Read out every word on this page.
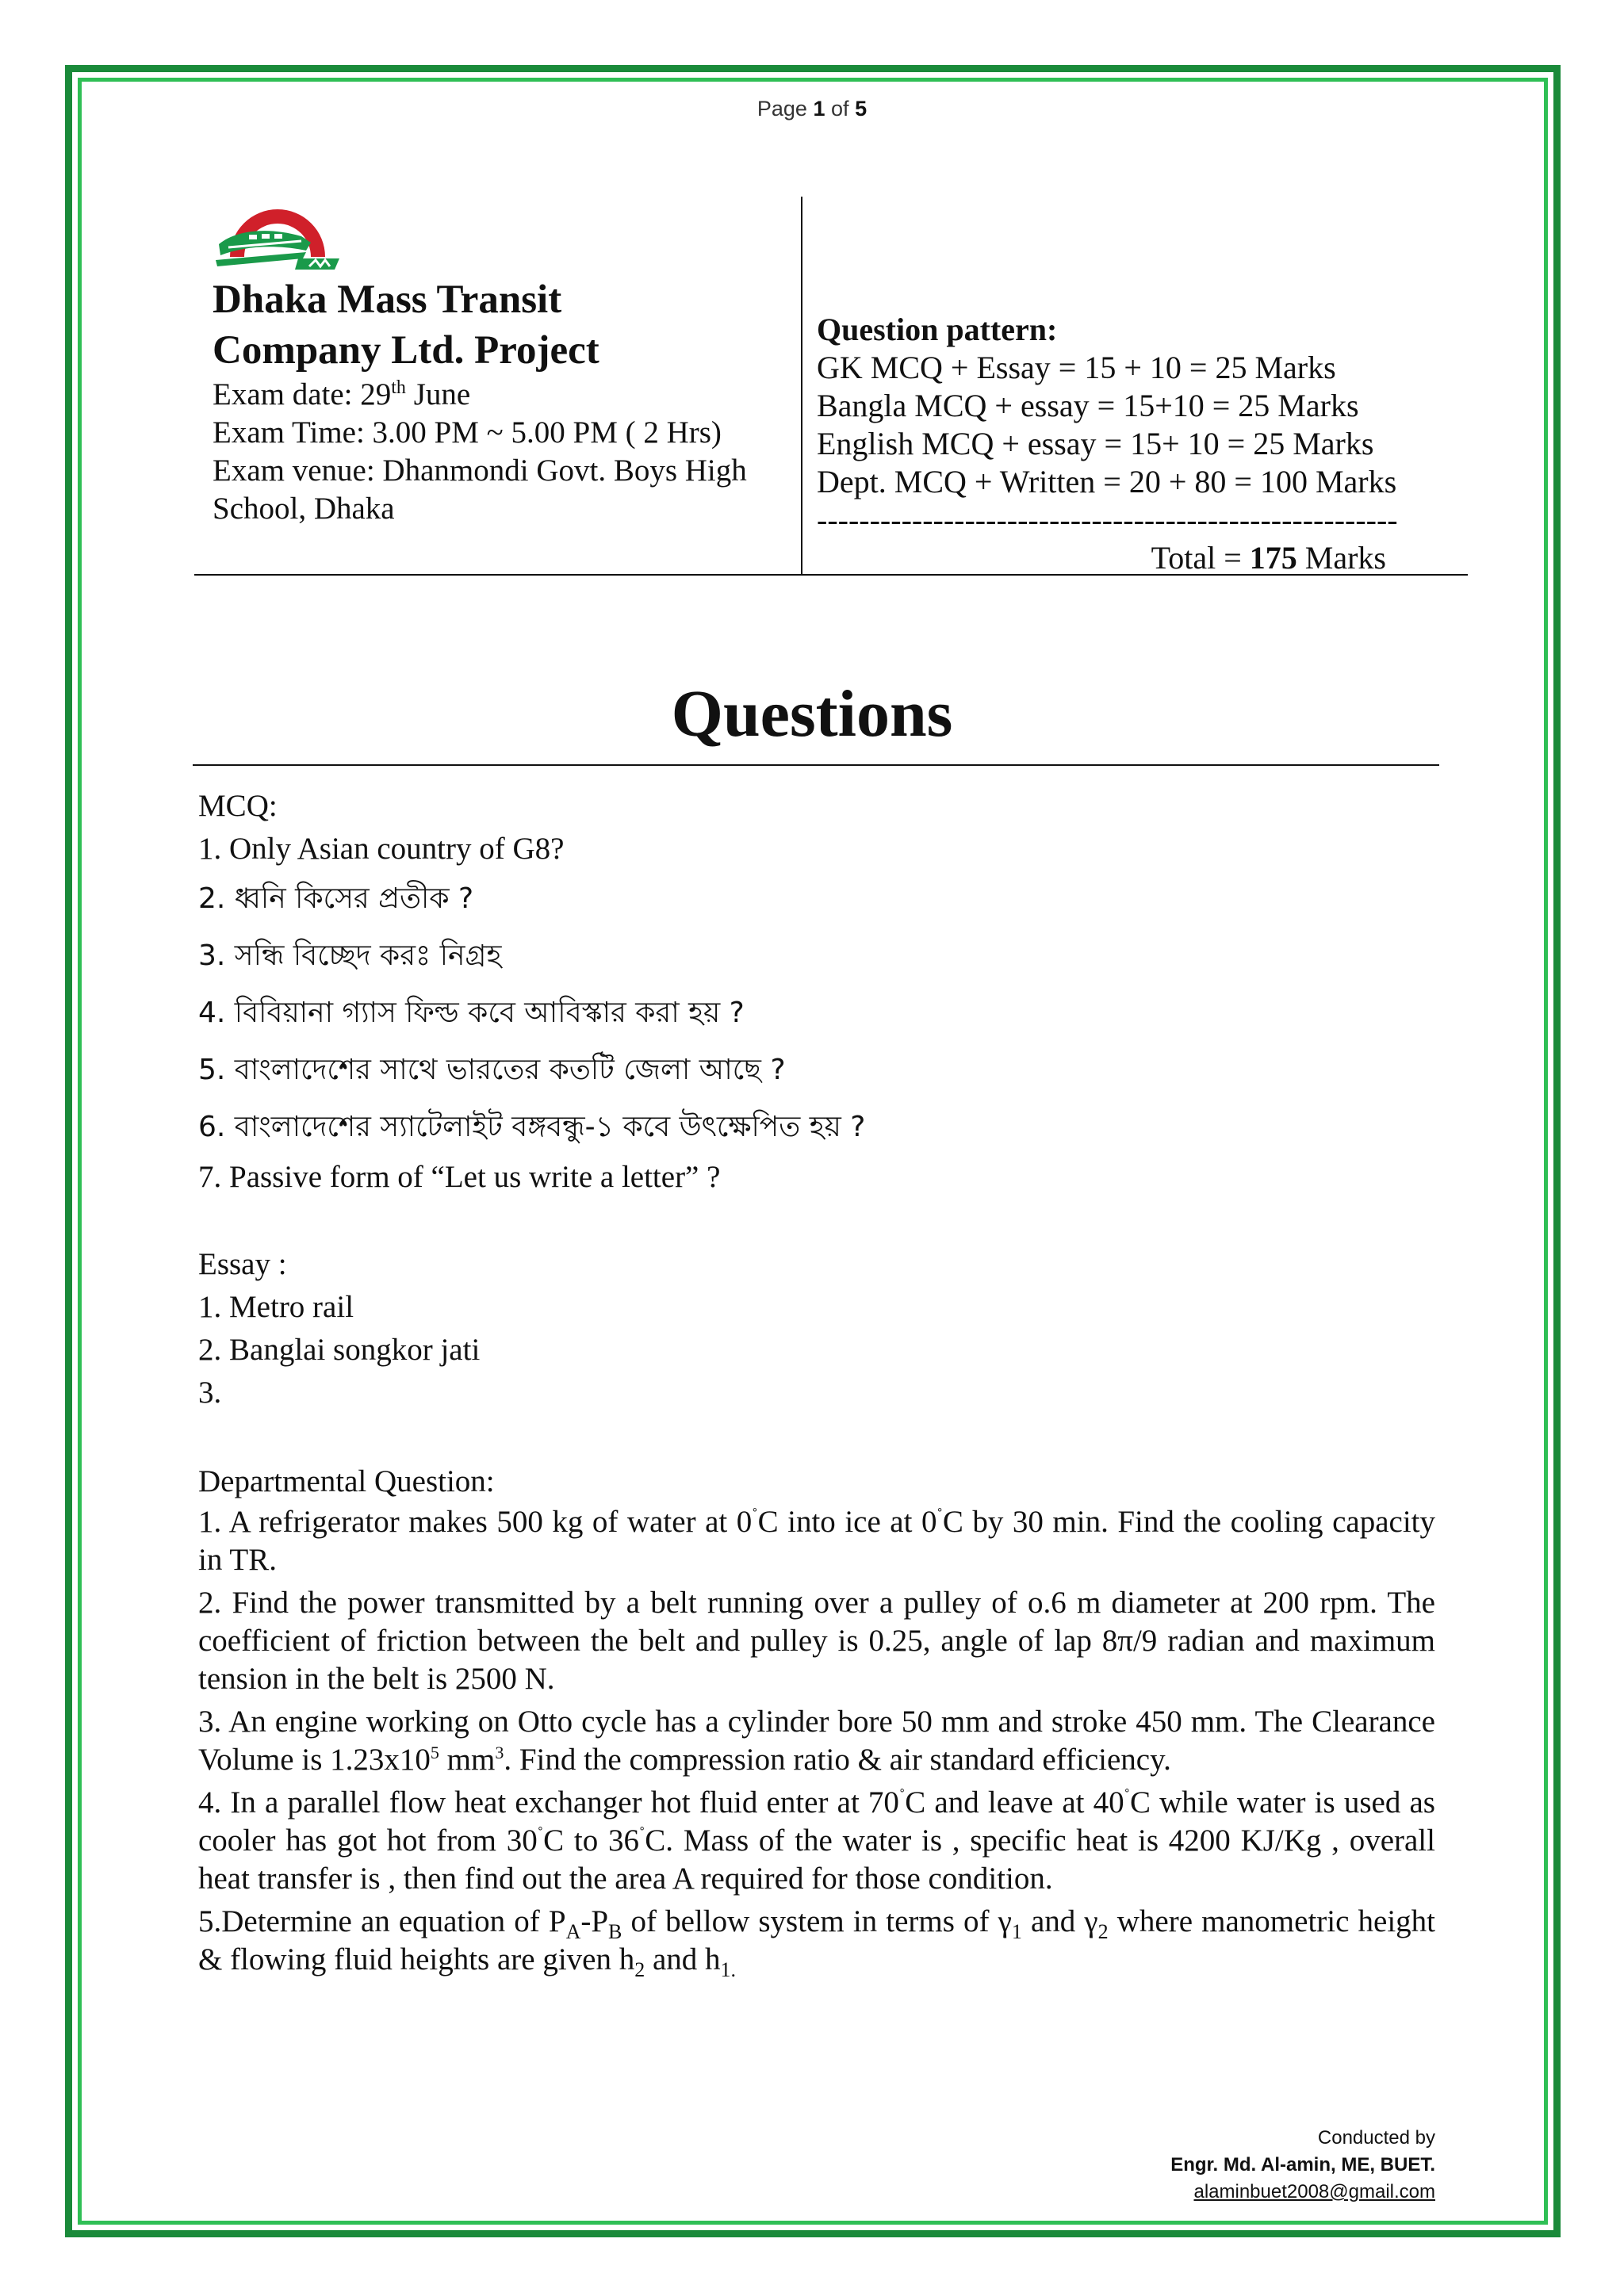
Page 1 of 5
Dhaka Mass Transit
Company Ltd. Project

Exam date: 29th June

Exam Time: 3.00 PM ~ 5.00 PM ( 2 Hrs)

Exam venue: Dhanmondi Govt. Boys High

School, Dhaka

Question pattern:

GK MCQ + Essay = 15 + 10 = 25 Marks

Bangla MCQ + essay = 15+10 = 25 Marks

English MCQ + essay = 15+ 10 = 25 Marks

Dept. MCQ + Written = 20 + 80 = 100 Marks

-------------------------------------------------------

Total = 175 Marks

Questions

MCQ:

1. Only Asian country of G8?

2. ধ্বনি কিসের প্রতীক ?

3. সন্ধি বিচ্ছেদ করঃ নিগ্রহ

4. বিবিয়ানা গ্যাস ফিল্ড কবে আবিস্কার করা হয় ?

5. বাংলাদেশের সাথে ভারতের কতটি জেলা আছে ?

6. বাংলাদেশের স্যাটেলাইট বঙ্গবন্ধু-১ কবে উৎক্ষেপিত হয় ?

7. Passive form of “Let us write a letter” ?

Essay :

1. Metro rail

2. Banglai songkor jati

3.

Departmental Question:

1. A refrigerator makes 500 kg of water at 0˚C into ice at 0˚C by 30 min. Find the cooling capacity in TR.

2. Find the power transmitted by a belt running over a pulley of o.6 m diameter at 200 rpm. The coefficient of friction between the belt and pulley is 0.25, angle of lap 8π/9 radian and maximum tension in the belt is 2500 N.

3. An engine working on Otto cycle has a cylinder bore 50 mm and stroke 450 mm. The Clearance Volume is $1.23x10^5$ $mm^3$. Find the compression ratio & air standard efficiency.

4. In a parallel flow heat exchanger hot fluid enter at 70˚C and leave at 40˚C while water is used as cooler has got hot from 30˚C to 36˚C. Mass of the water is , specific heat is 4200 KJ/Kg , overall heat transfer is , then find out the area A required for those condition.

5.Determine an equation of $P_A-P_B$ of bellow system in terms of $\gamma_1$ and $\gamma_2$ where manometric height & flowing fluid heights are given $h_2$ and $h_{1.}$

Conducted by
Engr. Md. Al-amin, ME, BUET.
alaminbuet2008@gmail.com
